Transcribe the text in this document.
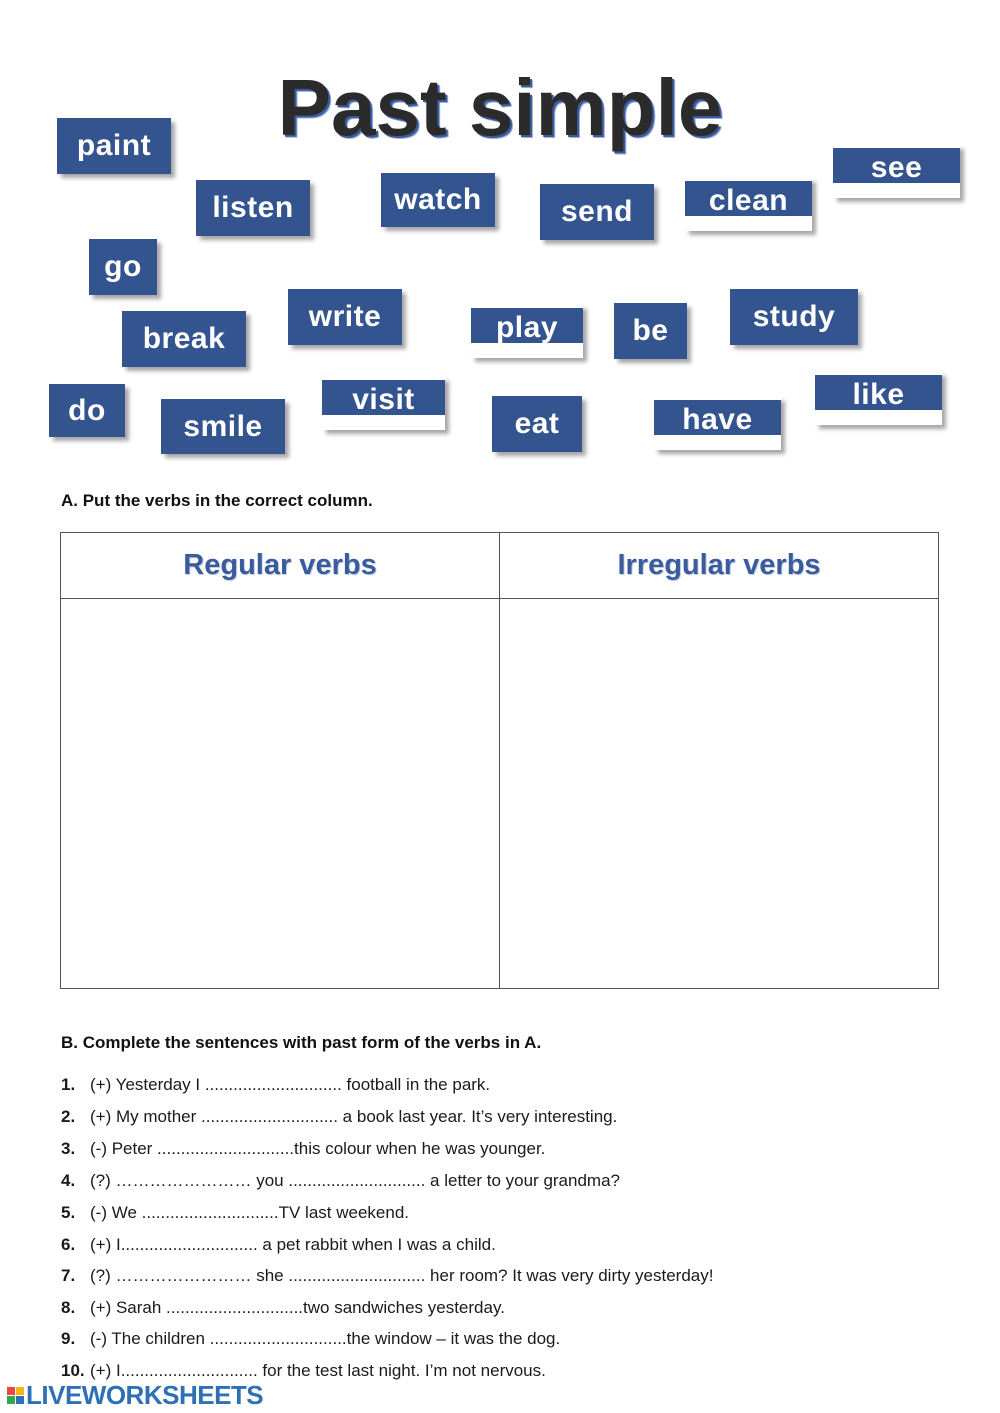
Past simple
paint
listen	watch	send	clean
see
go
break
write	play	be	study
do	smile
visit
eat	have
like
A. Put the verbs in the correct column.
Regular verbs	Irregular verbs
B. Complete the sentences with past form of the verbs in A.
1. (+) Yesterday I ............................. football in the park.
2. (+) My mother ............................. a book last year. It’s very interesting.
3. (-) Peter .............................this colour when he was younger.
4. (?) …………………… you ............................. a letter to your grandma?
5. (-) We .............................TV last weekend.
6. (+) I............................. a pet rabbit when I was a child.
7. (?) …………………… she ............................. her room? It was very dirty yesterday!
8. (+) Sarah .............................two sandwiches yesterday.
9. (-) The children .............................the window – it was the dog.
10. (+) I............................. for the test last night. I’m not nervous.
LIVEWORKSHEETS
